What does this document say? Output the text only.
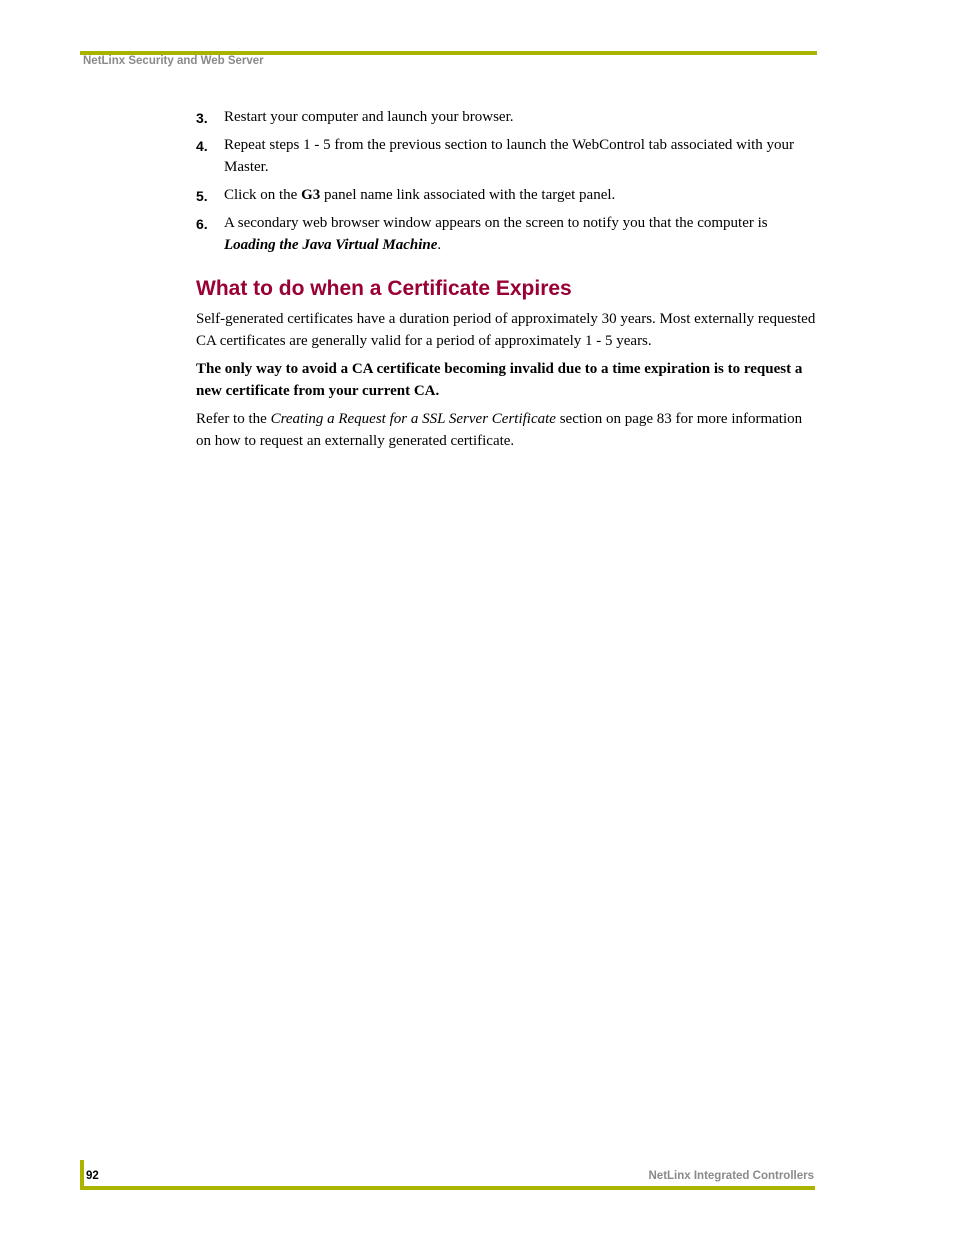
NetLinx Security and Web Server
3. Restart your computer and launch your browser.
4. Repeat steps 1 - 5 from the previous section to launch the WebControl tab associated with your Master.
5. Click on the G3 panel name link associated with the target panel.
6. A secondary web browser window appears on the screen to notify you that the computer is Loading the Java Virtual Machine.
What to do when a Certificate Expires

Self-generated certificates have a duration period of approximately 30 years. Most externally requested CA certificates are generally valid for a period of approximately 1 - 5 years.

The only way to avoid a CA certificate becoming invalid due to a time expiration is to request a new certificate from your current CA.

Refer to the Creating a Request for a SSL Server Certificate section on page 83 for more information on how to request an externally generated certificate.

92	NetLinx Integrated Controllers
